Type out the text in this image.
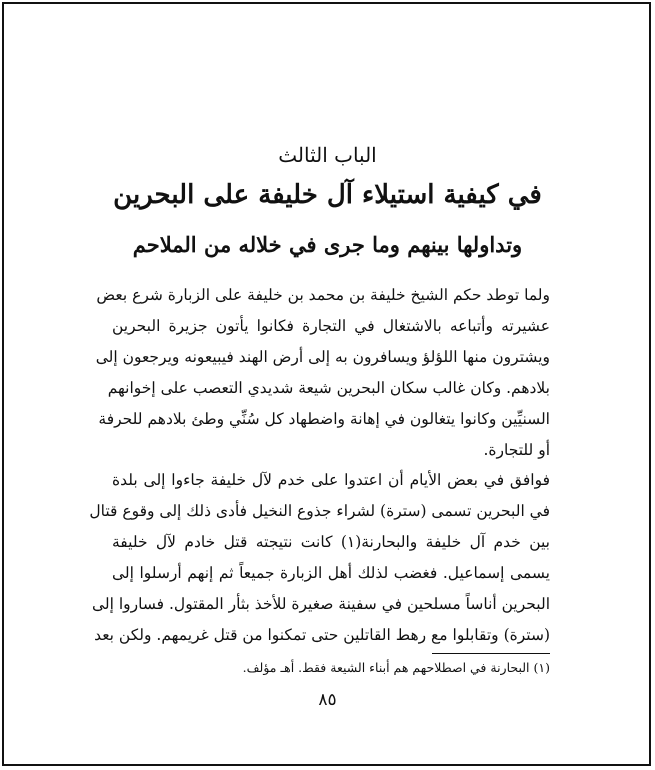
الباب الثالث
في كيفية استيلاء آل خليفة على البحرين
وتداولها بينهم وما جرى في خلاله من الملاحم
ولما توطد حكم الشيخ خليفة بن محمد بن خليفة على الزبارة شرع بعض
عشيرته وأتباعه بالاشتغال في التجارة فكانوا يأتون جزيرة البحرين
ويشترون منها اللؤلؤ ويسافرون به إلى أرض الهند فيبيعونه ويرجعون إلى
بلادهم. وكان غالب سكان البحرين شيعة شديدي التعصب على إخوانهم
السنيِّين وكانوا يتغالون في إهانة واضطهاد كل سُنِّي وطئ بلادهم للحرفة
أو للتجارة.
فوافق في بعض الأيام أن اعتدوا على خدم لآل خليفة جاءوا إلى بلدة
في البحرين تسمى (سترة) لشراء جذوع النخيل فأدى ذلك إلى وقوع قتال
بين خدم آل خليفة والبحارنة(١) كانت نتيجته قتل خادم لآل خليفة
يسمى إسماعيل. فغضب لذلك أهل الزبارة جميعاً ثم إنهم أرسلوا إلى
البحرين أناساً مسلحين في سفينة صغيرة للأخذ بثأر المقتول. فساروا إلى
(سترة) وتقابلوا مع رهط القاتلين حتى تمكنوا من قتل غريمهم. ولكن بعد
(١) البحارنة في اصطلاحهم هم أبناء الشيعة فقط. أهـ مؤلف.
٨٥
